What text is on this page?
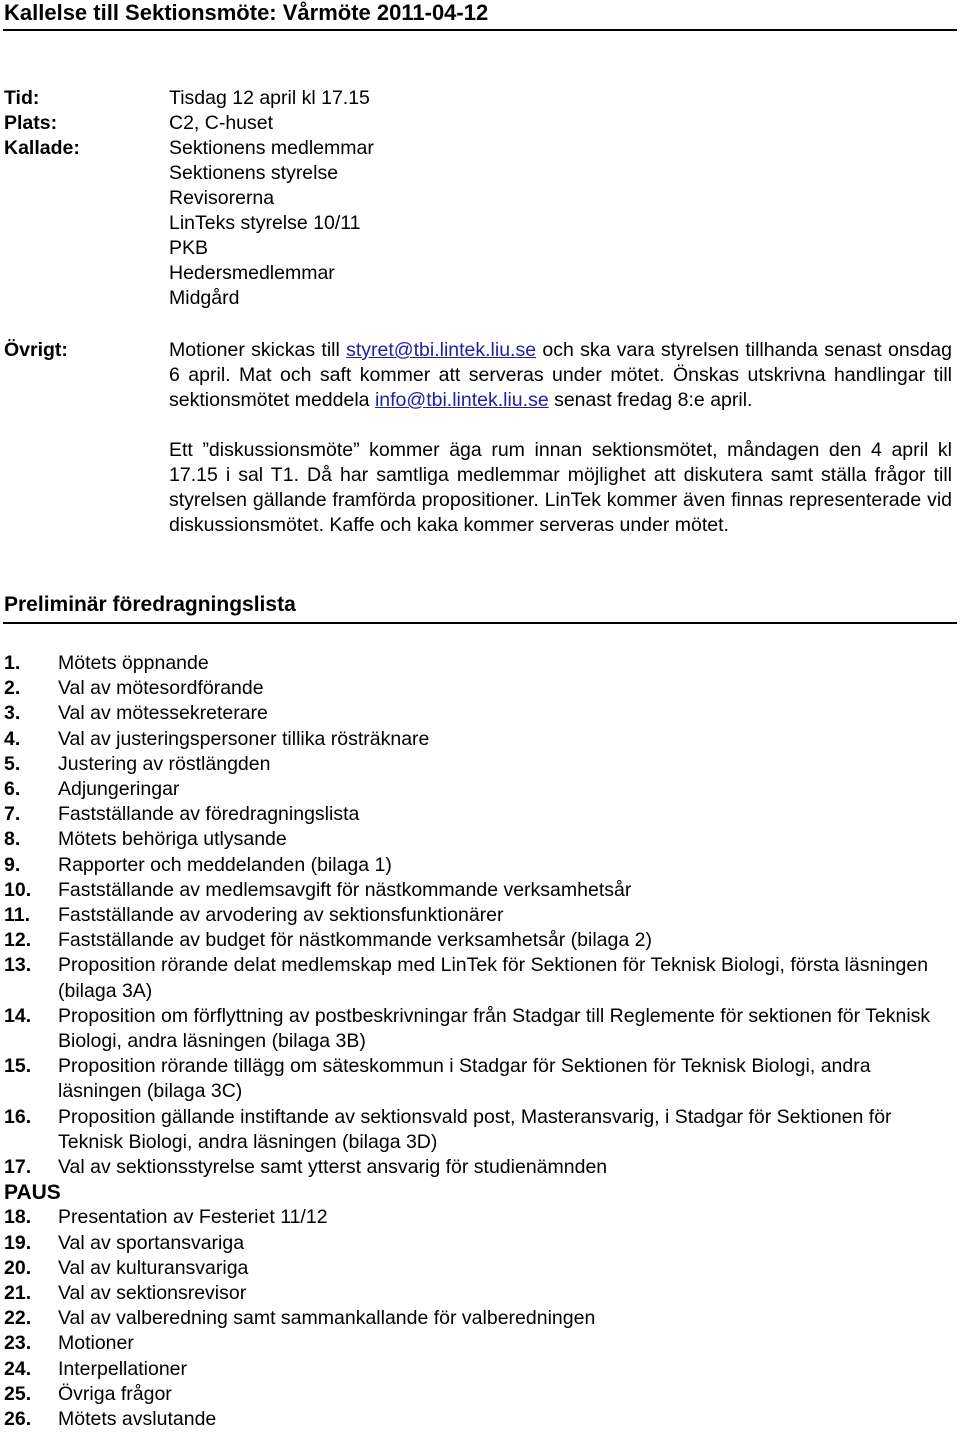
Kallelse till Sektionsmöte: Vårmöte 2011-04-12
Tid:	Tisdag 12 april kl 17.15
Plats:	C2, C-huset
Kallade:	Sektionens medlemmar
Sektionens styrelse
Revisorerna
LinTeks styrelse 10/11
PKB
Hedersmedlemmar
Midgård
Övrigt:	Motioner skickas till styret@tbi.lintek.liu.se och ska vara styrelsen tillhanda senast onsdag 6 april. Mat och saft kommer att serveras under mötet. Önskas utskrivna handlingar till sektionsmötet meddela info@tbi.lintek.liu.se senast fredag 8:e april.
Ett ”diskussionsmöte” kommer äga rum innan sektionsmötet, måndagen den 4 april kl 17.15 i sal T1. Då har samtliga medlemmar möjlighet att diskutera samt ställa frågor till styrelsen gällande framförda propositioner. LinTek kommer även finnas representerade vid diskussionsmötet. Kaffe och kaka kommer serveras under mötet.
Preliminär föredragningslista
1. Mötets öppnande
2. Val av mötesordförande
3. Val av mötessekreterare
4. Val av justeringspersoner tillika rösträknare
5. Justering av röstlängden
6. Adjungeringar
7. Fastställande av föredragningslista
8. Mötets behöriga utlysande
9. Rapporter och meddelanden (bilaga 1)
10. Fastställande av medlemsavgift för nästkommande verksamhetsår
11. Fastställande av arvodering av sektionsfunktionärer
12. Fastställande av budget för nästkommande verksamhetsår (bilaga 2)
13. Proposition rörande delat medlemskap med LinTek för Sektionen för Teknisk Biologi, första läsningen (bilaga 3A)
14. Proposition om förflyttning av postbeskrivningar från Stadgar till Reglemente för sektionen för Teknisk Biologi, andra läsningen (bilaga 3B)
15. Proposition rörande tillägg om säteskommun i Stadgar för Sektionen för Teknisk Biologi, andra läsningen (bilaga 3C)
16. Proposition gällande instiftande av sektionsvald post, Masteransvarig, i Stadgar för Sektionen för Teknisk Biologi, andra läsningen (bilaga 3D)
17. Val av sektionsstyrelse samt ytterst ansvarig för studienämnden
PAUS
18. Presentation av Festeriet 11/12
19. Val av sportansvariga
20. Val av kulturansvariga
21. Val av sektionsrevisor
22. Val av valberedning samt sammankallande för valberedningen
23. Motioner
24. Interpellationer
25. Övriga frågor
26. Mötets avslutande
